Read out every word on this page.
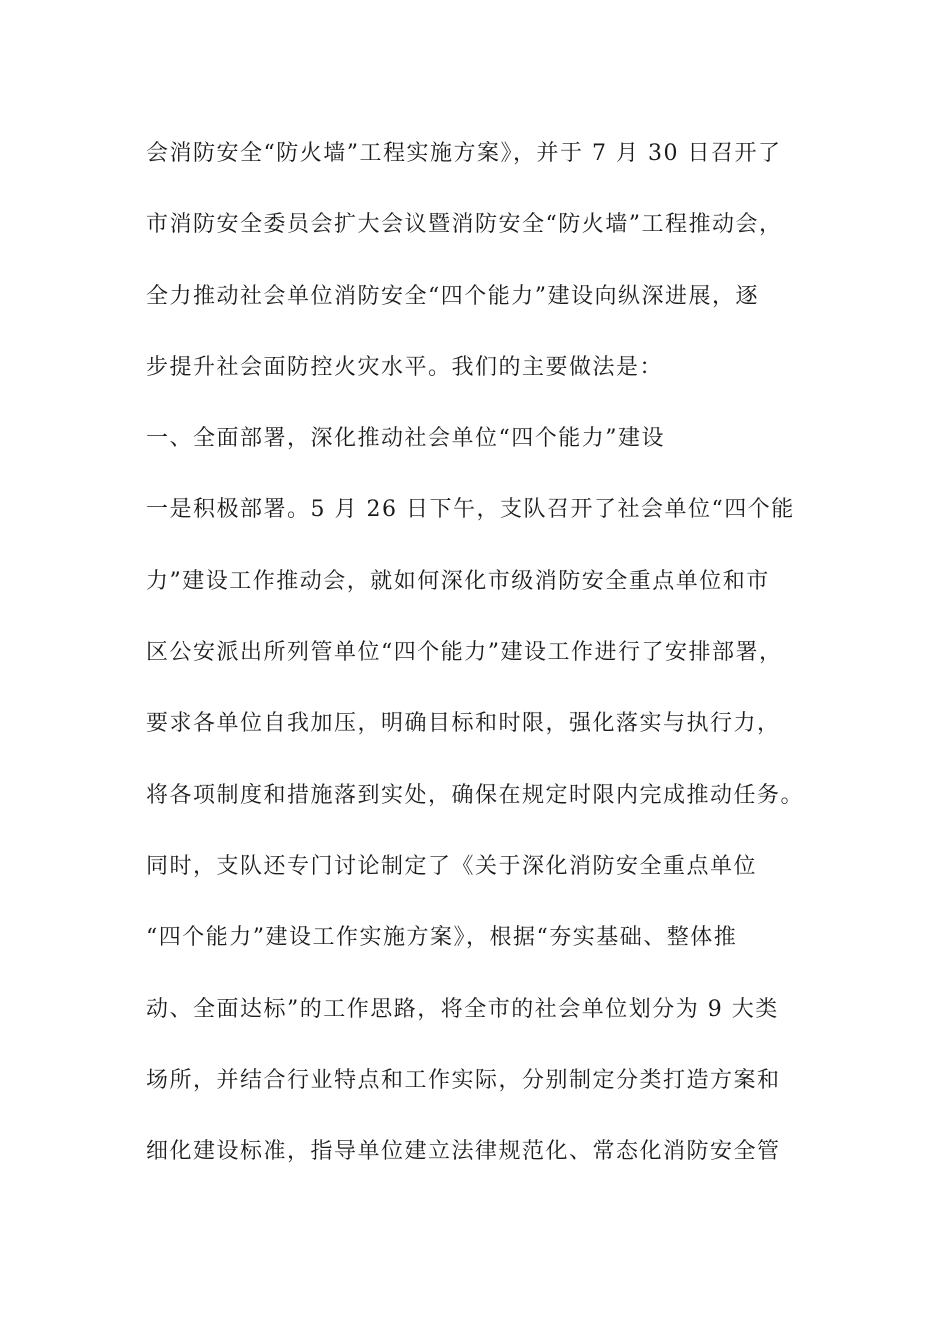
会消防安全“防火墙”工程实施方案》，并于 7 月 30 日召开了
市消防安全委员会扩大会议暨消防安全“防火墙”工程推动会，
全力推动社会单位消防安全“四个能力”建设向纵深进展，逐
步提升社会面防控火灾水平。我们的主要做法是：
一、全面部署，深化推动社会单位“四个能力”建设
一是积极部署。5 月 26 日下午，支队召开了社会单位“四个能
力”建设工作推动会，就如何深化市级消防安全重点单位和市
区公安派出所列管单位“四个能力”建设工作进行了安排部署，
要求各单位自我加压，明确目标和时限，强化落实与执行力，
将各项制度和措施落到实处，确保在规定时限内完成推动任务。
同时，支队还专门讨论制定了《关于深化消防安全重点单位
“四个能力”建设工作实施方案》，根据“夯实基础、整体推
动、全面达标”的工作思路，将全市的社会单位划分为 9 大类
场所，并结合行业特点和工作实际，分别制定分类打造方案和
细化建设标准，指导单位建立法律规范化、常态化消防安全管
